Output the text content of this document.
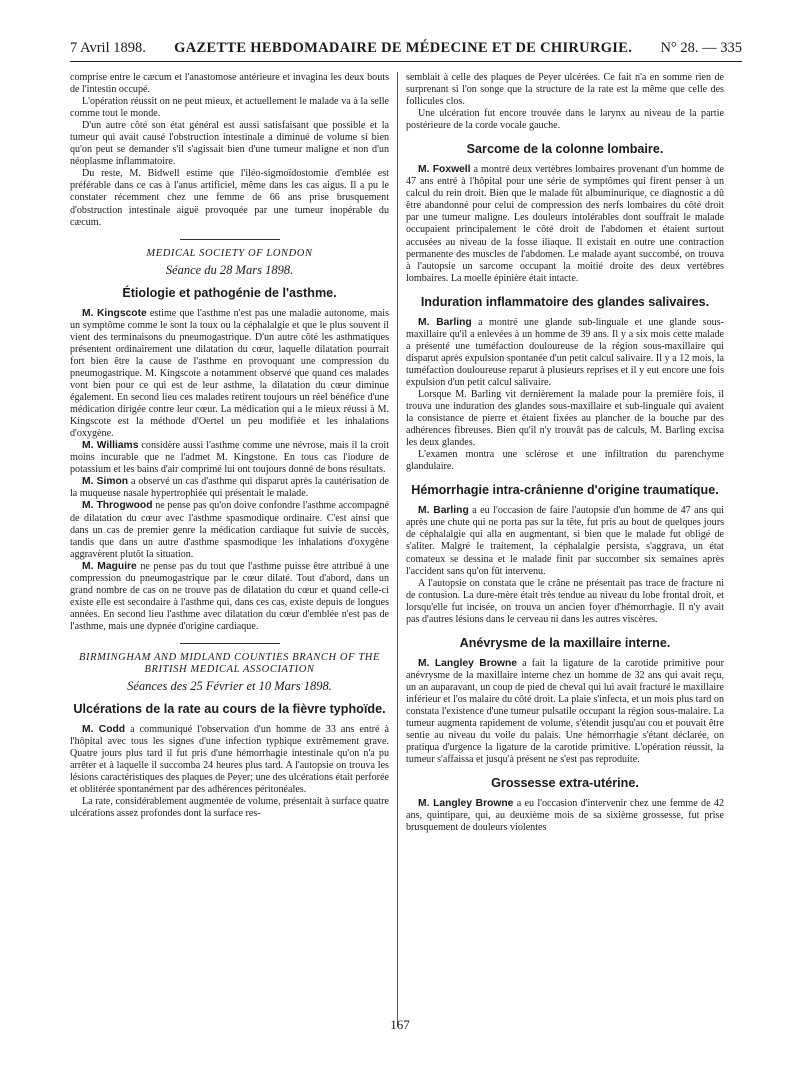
7 Avril 1898. GAZETTE HEBDOMADAIRE DE MÉDECINE ET DE CHIRURGIE. N° 28. — 335

comprise entre le cæcum et l'anastomose antérieure et invagina les deux bouts de l'intestin occupé.

L'opération réussit on ne peut mieux, et actuellement le malade va à la selle comme tout le monde.

D'un autre côté son état général est aussi satisfaisant que possible et la tumeur qui avait causé l'obstruction intestinale a diminué de volume si bien qu'on peut se demander s'il s'agissait bien d'une tumeur maligne et non d'un néoplasme inflammatoire.

Du reste, M. Bidwell estime que l'iléo-sigmoïdostomie d'emblée est préférable dans ce cas à l'anus artificiel, même dans les cas aigus. Il a pu le constater récemment chez une femme de 66 ans prise brusquement d'obstruction intestinale aiguë provoquée par une tumeur inopérable du cæcum.

MEDICAL SOCIETY OF LONDON

Séance du 28 Mars 1898.

Étiologie et pathogénie de l'asthme.

M. Kingscote estime que l'asthme n'est pas une maladie autonome, mais un symptôme comme le sont la toux ou la céphalalgie et que le plus souvent il vient des terminaisons du pneumogastrique. D'un autre côté les asthmatiques présentent ordinairement une dilatation du cœur, laquelle dilatation pourrait fort bien être la cause de l'asthme en provoquant une compression du pneumogastrique. M. Kingscote a notamment observé que quand ces malades vont bien pour ce qui est de leur asthme, la dilatation du cœur diminue également. En second lieu ces malades retirent toujours un réel bénéfice d'une médication dirigée contre leur cœur. La médication qui a le mieux réussi à M. Kingscote est la méthode d'Oertel un peu modifiée et les inhalations d'oxygène.

M. Williams considère aussi l'asthme comme une névrose, mais il la croit moins incurable que ne l'admet M. Kingstone. En tous cas l'iodure de potassium et les bains d'air comprimé lui ont toujours donné de bons résultats.

M. Simon a observé un cas d'asthme qui disparut après la cautérisation de la muqueuse nasale hypertrophiée qui présentait le malade.

M. Throgwood ne pense pas qu'on doive confondre l'asthme accompagné de dilatation du cœur avec l'asthme spasmodique ordinaire. C'est ainsi que dans un cas de premier genre la médication cardiaque fut suivie de succès, tandis que dans un autre d'asthme spasmodique les inhalations d'oxygène aggravèrent plutôt la situation.

M. Maguire ne pense pas du tout que l'asthme puisse être attribué à une compression du pneumogastrique par le cœur dilaté. Tout d'abord, dans un grand nombre de cas on ne trouve pas de dilatation du cœur et quand celle-ci existe elle est secondaire à l'asthme qui, dans ces cas, existe depuis de longues années. En second lieu l'asthme avec dilatation du cœur d'emblée n'est pas de l'asthme, mais une dypnée d'origine cardiaque.

BIRMINGHAM AND MIDLAND COUNTIES BRANCH OF THE BRITISH MEDICAL ASSOCIATION

Séances des 25 Février et 10 Mars 1898.

Ulcérations de la rate au cours de la fièvre typhoïde.

M. Codd a communiqué l'observation d'un homme de 33 ans entré à l'hôpital avec tous les signes d'une infection typhique extrêmement grave. Quatre jours plus tard il fut pris d'une hémorrhagie intestinale qu'on n'a pu arrêter et à laquelle il succomba 24 heures plus tard. A l'autopsie on trouva les lésions caractéristiques des plaques de Peyer; une des ulcérations était perforée et oblitérée spontanément par des adhérences péritonéales.

La rate, considérablement augmentée de volume, présentait à surface quatre ulcérations assez profondes dont la surface res-

semblait à celle des plaques de Peyer ulcérées. Ce fait n'a en somme rien de surprenant si l'on songe que la structure de la rate est la même que celle des follicules clos.

Une ulcération fut encore trouvée dans le larynx au niveau de la partie postérieure de la corde vocale gauche.

Sarcome de la colonne lombaire.

M. Foxwell a montré deux vertèbres lombaires provenant d'un homme de 47 ans entré à l'hôpital pour une série de symptômes qui firent penser à un calcul du rein droit. Bien que le malade fût albuminurique, ce diagnostic a dû être abandonné pour celui de compression des nerfs lombaires du côté droit par une tumeur maligne. Les douleurs intolérables dont souffrait le malade occupaient principalement le côté droit de l'abdomen et étaient surtout accusées au niveau de la fosse iliaque. Il existait en outre une contraction permanente des muscles de l'abdomen. Le malade ayant succombé, on trouva à l'autopsie un sarcome occupant la moitié droite des deux vertèbres lombaires. La moelle épinière était intacte.

Induration inflammatoire des glandes salivaires.

M. Barling a montré une glande sub-linguale et une glande sous-maxillaire qu'il a enlevées à un homme de 39 ans. Il y a six mois cette malade a présenté une tuméfaction douloureuse de la région sous-maxillaire qui disparut après expulsion spontanée d'un petit calcul salivaire. Il y a 12 mois, la tuméfaction douloureuse reparut à plusieurs reprises et il y eut encore une fois expulsion d'un petit calcul salivaire.

Lorsque M. Barling vit dernièrement la malade pour la première fois, il trouva une induration des glandes sous-maxillaire et sub-linguale qui avaient la consistance de pierre et étaient fixées au plancher de la bouche par des adhérences fibreuses. Bien qu'il n'y trouvât pas de calculs, M. Barling excisa les deux glandes.

L'examen montra une sclérose et une infiltration du parenchyme glandulaire.

Hémorrhagie intra-crânienne d'origine traumatique.

M. Barling a eu l'occasion de faire l'autopsie d'un homme de 47 ans qui après une chute qui ne porta pas sur la tête, fut pris au bout de quelques jours de céphalalgie qui alla en augmentant, si bien que le malade fut obligé de s'aliter. Malgré le traitement, la céphalalgie persista, s'aggrava, un état comateux se dessina et le malade finit par succomber six semaines après l'accident sans qu'on fût intervenu.

A l'autopsie on constata que le crâne ne présentait pas trace de fracture ni de contusion. La dure-mère était très tendue au niveau du lobe frontal droit, et lorsqu'elle fut incisée, on trouva un ancien foyer d'hémorrhagie. Il n'y avait pas d'autres lésions dans le cerveau ni dans les autres viscères.

Anévrysme de la maxillaire interne.

M. Langley Browne a fait la ligature de la carotide primitive pour anévrysme de la maxillaire interne chez un homme de 32 ans qui avait reçu, un an auparavant, un coup de pied de cheval qui lui avait fracturé le maxillaire inférieur et l'os malaire du côté droit. La plaie s'infecta, et un mois plus tard on constata l'existence d'une tumeur pulsatile occupant la région sous-malaire. La tumeur augmenta rapidement de volume, s'étendit jusqu'au cou et pouvait être sentie au niveau du voile du palais. Une hémorrhagie s'étant déclarée, on pratiqua d'urgence la ligature de la carotide primitive. L'opération réussit, la tumeur s'affaissa et jusqu'à présent ne s'est pas reproduite.

Grossesse extra-utérine.

M. Langley Browne a eu l'occasion d'intervenir chez une femme de 42 ans, quintipare, qui, au deuxième mois de sa sixième grossesse, fut prise brusquement de douleurs violentes

167
